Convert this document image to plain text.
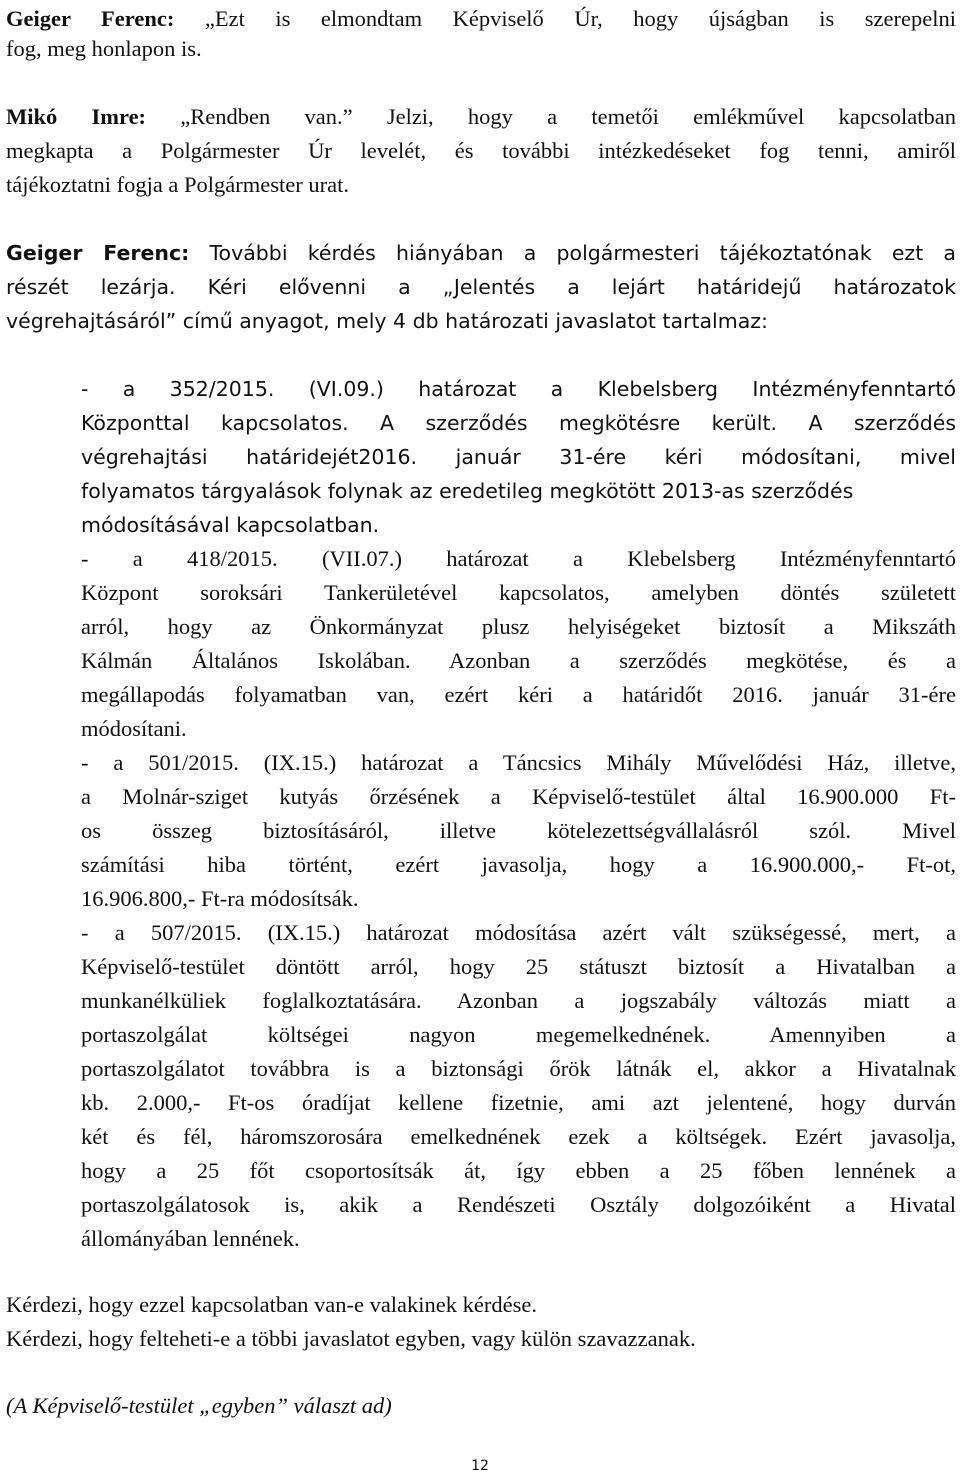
Geiger Ferenc: „Ezt is elmondtam Képviselő Úr, hogy újságban is szerepelni
fog, meg honlapon is.
Mikó Imre: „Rendben van.” Jelzi, hogy a temetői emlékművel kapcsolatban
megkapta a Polgármester Úr levelét, és további intézkedéseket fog tenni, amiről
tájékoztatni fogja a Polgármester urat.
Geiger Ferenc: További kérdés hiányában a polgármesteri tájékoztatónak ezt a
részét lezárja. Kéri elővenni a „Jelentés a lejárt határidejű határozatok
végrehajtásáról” című anyagot, mely 4 db határozati javaslatot tartalmaz:
- a 352/2015. (VI.09.) határozat a Klebelsberg Intézményfenntartó
Központtal kapcsolatos. A szerződés megkötésre került. A szerződés
végrehajtási határidejét2016. január 31-ére kéri módosítani, mivel
folyamatos tárgyalások folynak az eredetileg megkötött 2013-as szerződés
módosításával kapcsolatban.
- a 418/2015. (VII.07.) határozat a Klebelsberg Intézményfenntartó
Központ soroksári Tankerületével kapcsolatos, amelyben döntés született
arról, hogy az Önkormányzat plusz helyiségeket biztosít a Mikszáth
Kálmán Általános Iskolában. Azonban a szerződés megkötése, és a
megállapodás folyamatban van, ezért kéri a határidőt 2016. január 31-ére
módosítani.
- a 501/2015. (IX.15.) határozat a Táncsics Mihály Művelődési Ház, illetve,
a Molnár-sziget kutyás őrzésének a Képviselő-testület által 16.900.000 Ft-
os összeg biztosításáról, illetve kötelezettségvállalásról szól. Mivel
számítási hiba történt, ezért javasolja, hogy a 16.900.000,- Ft-ot,
16.906.800,- Ft-ra módosítsák.
- a 507/2015. (IX.15.) határozat módosítása azért vált szükségessé, mert, a
Képviselő-testület döntött arról, hogy 25 státuszt biztosít a Hivatalban a
munkanélküliek foglalkoztatására. Azonban a jogszabály változás miatt a
portaszolgálat költségei nagyon megemelkednének. Amennyiben a
portaszolgálatot továbbra is a biztonsági őrök látnák el, akkor a Hivatalnak
kb. 2.000,- Ft-os óradíjat kellene fizetnie, ami azt jelentené, hogy durván
két és fél, háromszorosára emelkednének ezek a költségek. Ezért javasolja,
hogy a 25 főt csoportosítsák át, így ebben a 25 főben lennének a
portaszolgálatosok is, akik a Rendészeti Osztály dolgozóiként a Hivatal
állományában lennének.
Kérdezi, hogy ezzel kapcsolatban van-e valakinek kérdése.
Kérdezi, hogy felteheti-e a többi javaslatot egyben, vagy külön szavazzanak.
(A Képviselő-testület „egyben” választ ad)
12
